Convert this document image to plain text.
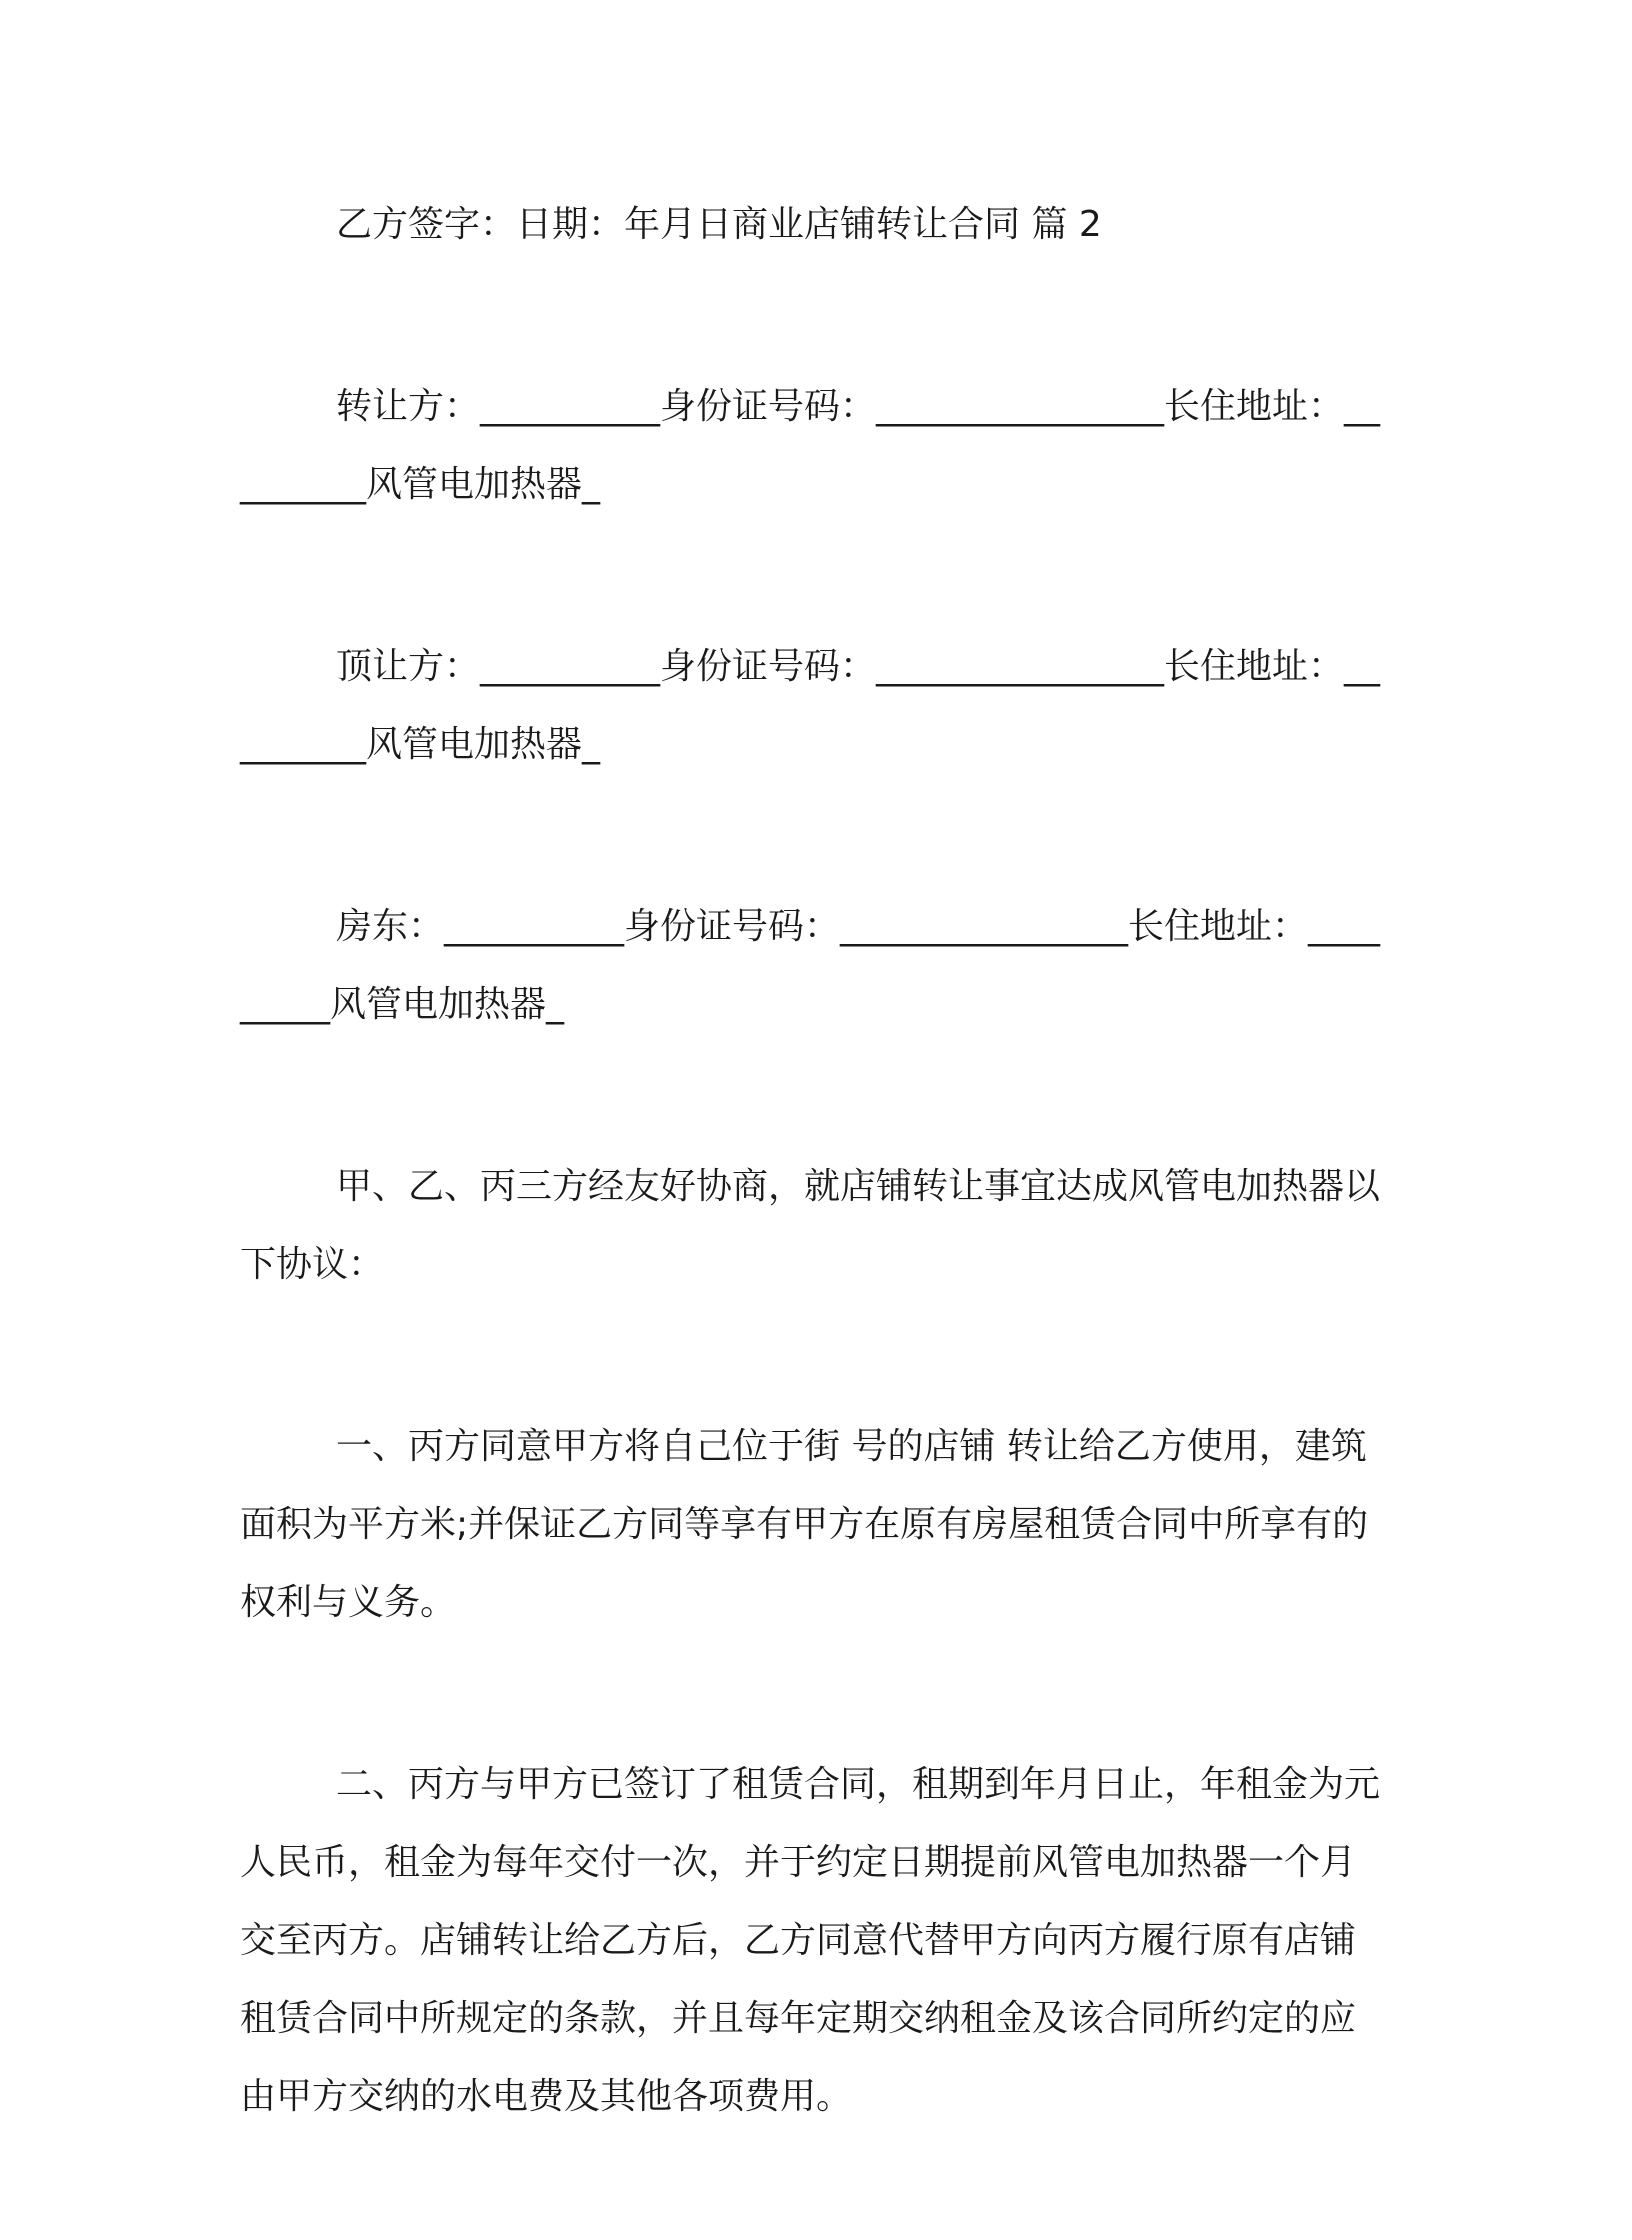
乙方签字：日期：年月日商业店铺转让合同 篇 2

转让方：__________身份证号码：________________长住地址：_________风管电加热器_

顶让方：__________身份证号码：________________长住地址：_________风管电加热器_

房东：__________身份证号码：________________长住地址：_________风管电加热器_

甲、乙、丙三方经友好协商，就店铺转让事宜达成风管电加热器以下协议：

一、丙方同意甲方将自己位于街 号的店铺 转让给乙方使用，建筑面积为平方米;并保证乙方同等享有甲方在原有房屋租赁合同中所享有的权利与义务。

二、丙方与甲方已签订了租赁合同，租期到年月日止，年租金为元人民币，租金为每年交付一次，并于约定日期提前风管电加热器一个月交至丙方。店铺转让给乙方后，乙方同意代替甲方向丙方履行原有店铺租赁合同中所规定的条款，并且每年定期交纳租金及该合同所约定的应由甲方交纳的水电费及其他各项费用。
